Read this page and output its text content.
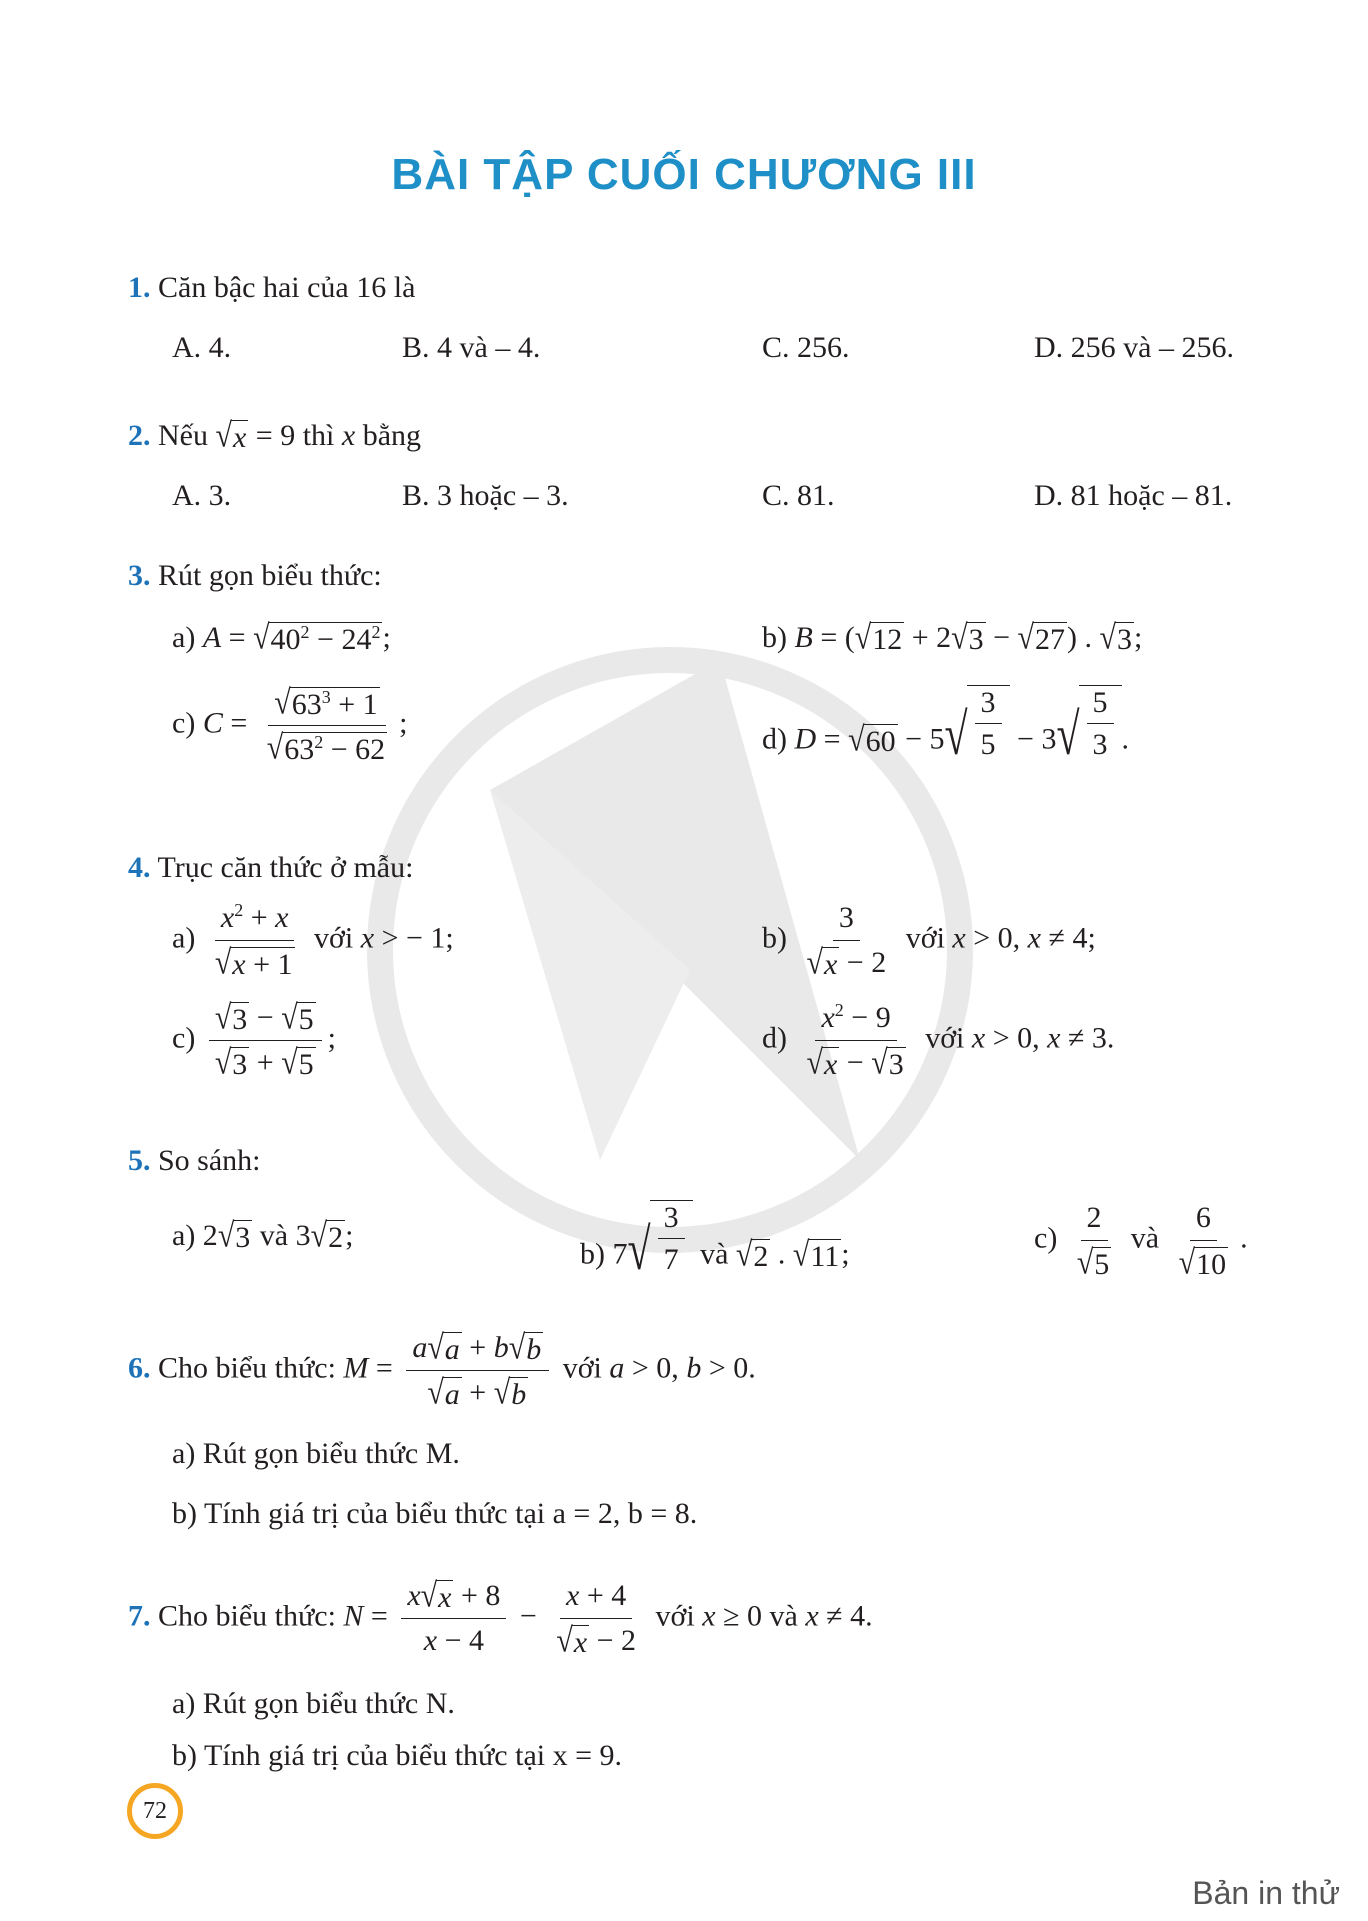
BÀI TẬP CUỐI CHƯƠNG III
1. Căn bậc hai của 16 là
A. 4.	B. 4 và – 4.	C. 256.	D. 256 và – 256.
2. Nếu √ x = 9 thì x bằng
A. 3.	B. 3 hoặc – 3.	C. 81.	D. 81 hoặc – 81.
3. Rút gọn biểu thức:
a) A = √ $40^2 - 24^2$ ;	b) B = ( √ 12 + 2 √ 3 − √ 27 ) . √ 3 ;
c) $C = \frac{√ 63^3 + 1}{√ 63^2 - 62}$ ;	d) D = √ 60 − 5 √ $\frac{3}{5} - 3$ √ $\frac{5}{3}$ .
4. Trục căn thức ở mẫu:
$a) \frac{x^2 + x}{√ x + 1}$ với x > − 1;	$b) \frac{3}{√ x - 2}$ với x > 0, x ≠ 4;
$c) \frac{√ 3 - √ 5}{√ 3 + √ 5}$ ;	$d) \frac{x^2 - 9}{√ x - √ 3}$ với x > 0, x ≠ 3.
5. So sánh:
a) 2 √ 3 và 3 √ 2 ;
b) 7 √ $\frac{3}{7}$ và √ 2 . √ 11 ;	$c) \frac{2}{√ 5}$ và $\frac{6}{√ 10}$ .
6. Cho biểu thức: $M = \frac{a √ a + b √ b}{√ a + √ b}$ với a > 0, b > 0.
a) Rút gọn biểu thức M.
b) Tính giá trị của biểu thức tại a = 2, b = 8.
7. Cho biểu thức: $N = \frac{x √ x + 8}{x - 4} - \frac{x + 4}{√ x - 2}$ với x ≥ 0 và x ≠ 4.
a) Rút gọn biểu thức N.
b) Tính giá trị của biểu thức tại x = 9.
72
Bản in thử
